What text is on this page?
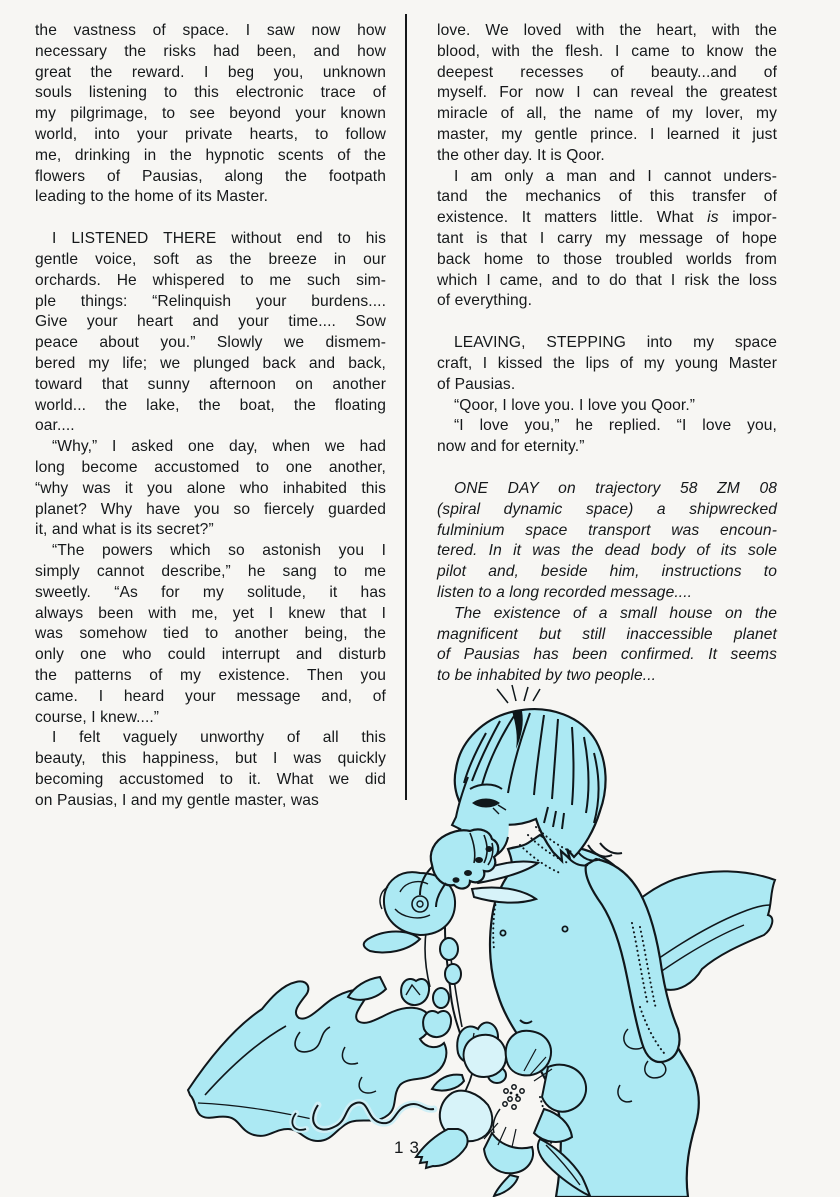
the vastness of space. I saw now how
necessary the risks had been, and how
great the reward. I beg you, unknown
souls listening to this electronic trace of
my pilgrimage, to see beyond your known
world, into your private hearts, to follow
me, drinking in the hypnotic scents of the
flowers of Pausias, along the footpath
leading to the home of its Master.

I LISTENED THERE without end to his
gentle voice, soft as the breeze in our
orchards. He whispered to me such sim-
ple things: “Relinquish your burdens....
Give your heart and your time.... Sow
peace about you.” Slowly we dismem-
bered my life; we plunged back and back,
toward that sunny afternoon on another
world... the lake, the boat, the floating
oar....

“Why,” I asked one day, when we had
long become accustomed to one another,
“why was it you alone who inhabited this
planet? Why have you so fiercely guarded
it, and what is its secret?”

“The powers which so astonish you I
simply cannot describe,” he sang to me
sweetly. “As for my solitude, it has
always been with me, yet I knew that I
was somehow tied to another being, the
only one who could interrupt and disturb
the patterns of my existence. Then you
came. I heard your message and, of
course, I knew....”

I felt vaguely unworthy of all this
beauty, this happiness, but I was quickly
becoming accustomed to it. What we did
on Pausias, I and my gentle master, was

love. We loved with the heart, with the
blood, with the flesh. I came to know the
deepest recesses of beauty...and of
myself. For now I can reveal the greatest
miracle of all, the name of my lover, my
master, my gentle prince. I learned it just
the other day. It is Qoor.

I am only a man and I cannot unders-
tand the mechanics of this transfer of
existence. It matters little. What is impor-
tant is that I carry my message of hope
back home to those troubled worlds from
which I came, and to do that I risk the loss
of everything.

LEAVING, STEPPING into my space
craft, I kissed the lips of my young Master
of Pausias.

“Qoor, I love you. I love you Qoor.”

“I love you,” he replied. “I love you,
now and for eternity.”

ONE DAY on trajectory 58 ZM 08
(spiral dynamic space) a shipwrecked
fulminium space transport was encoun-
tered. In it was the dead body of its sole
pilot and, beside him, instructions to
listen to a long recorded message....

The existence of a small house on the
magnificent but still inaccessible planet
of Pausias has been confirmed. It seems
to be inhabited by two people...

13
